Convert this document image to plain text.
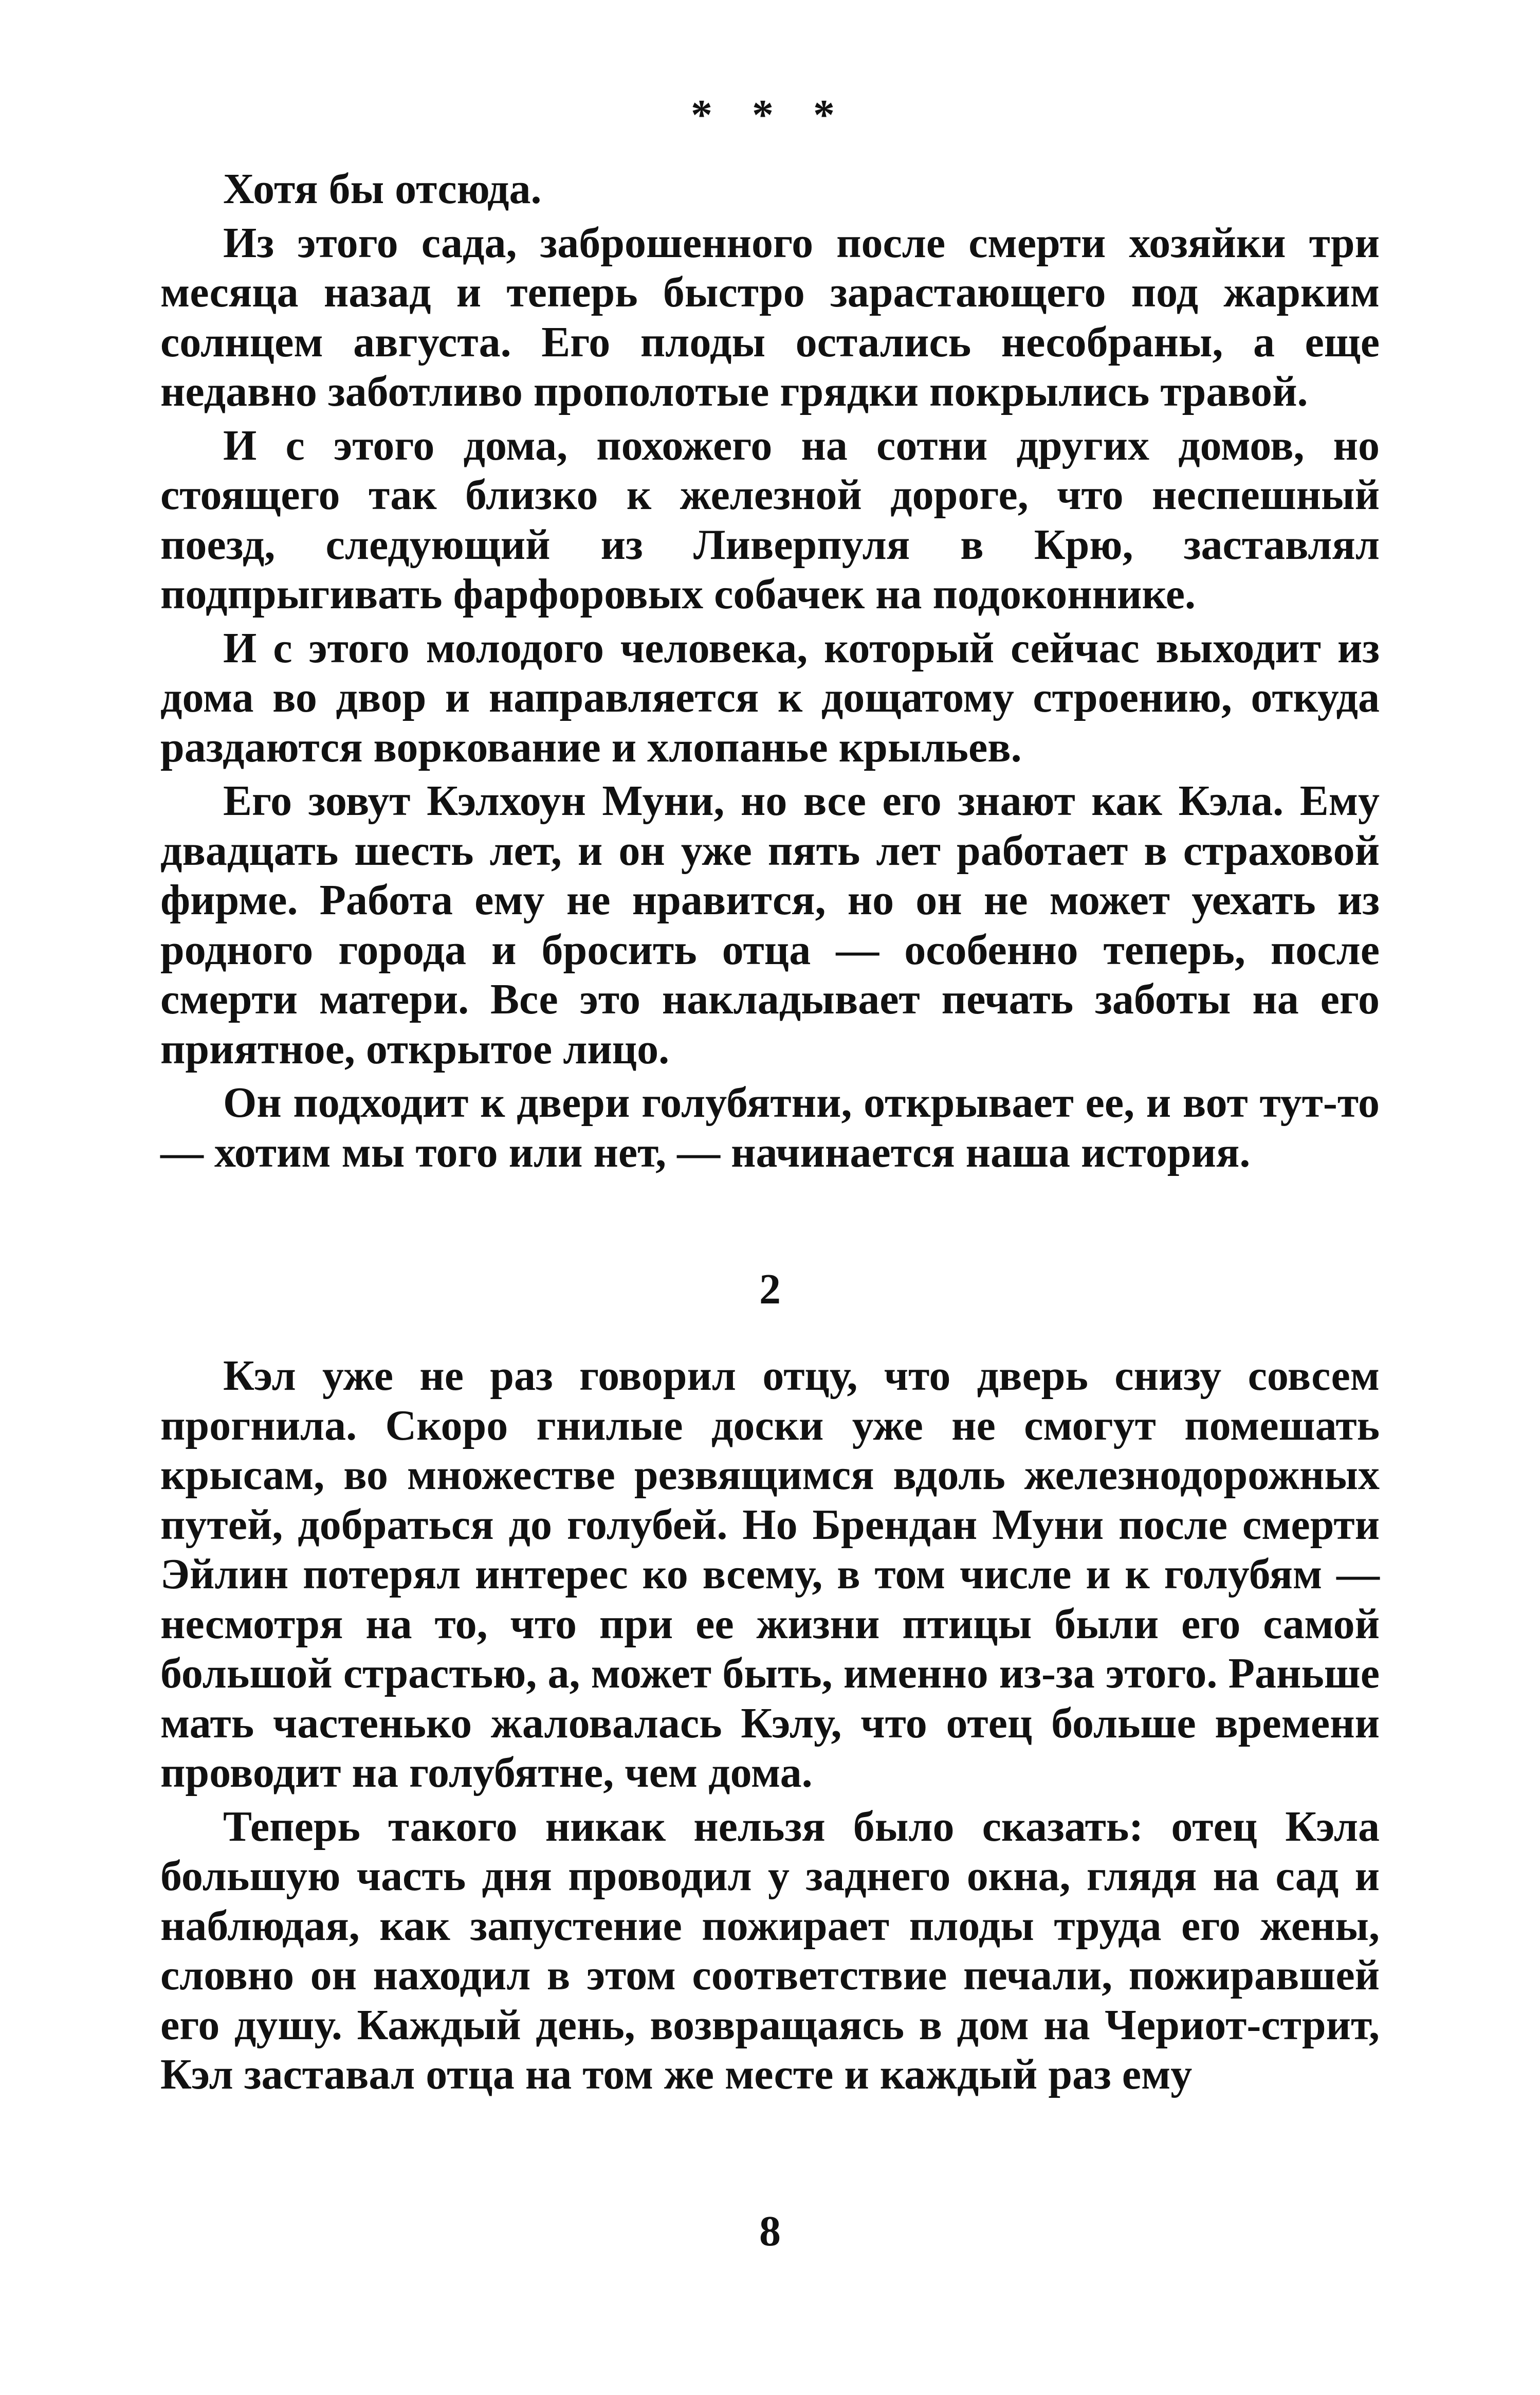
* * *

Хотя бы отсюда.

Из этого сада, заброшенного после смерти хозяйки три месяца назад и теперь быстро зарастающего под жарким солнцем августа. Его плоды остались несобраны, а еще недавно заботливо прополотые грядки покрылись травой.

И с этого дома, похожего на сотни других домов, но стоящего так близко к железной дороге, что неспешный поезд, следующий из Ливерпуля в Крю, заставлял подпрыгивать фарфоровых собачек на подоконнике.

И с этого молодого человека, который сейчас выходит из дома во двор и направляется к дощатому строению, откуда раздаются воркование и хлопанье крыльев.

Его зовут Кэлхоун Муни, но все его знают как Кэла. Ему двадцать шесть лет, и он уже пять лет работает в страховой фирме. Работа ему не нравится, но он не может уехать из родного города и бросить отца — особенно теперь, после смерти матери. Все это накладывает печать заботы на его приятное, открытое лицо.

Он подходит к двери голубятни, открывает ее, и вот тут-то — хотим мы того или нет, — начинается наша история.

2

Кэл уже не раз говорил отцу, что дверь снизу совсем прогнила. Скоро гнилые доски уже не смогут помешать крысам, во множестве резвящимся вдоль железнодорожных путей, добраться до голубей. Но Брендан Муни после смерти Эйлин потерял интерес ко всему, в том числе и к голубям — несмотря на то, что при ее жизни птицы были его самой большой страстью, а, может быть, именно из-за этого. Раньше мать частенько жаловалась Кэлу, что отец больше времени проводит на голубятне, чем дома.

Теперь такого никак нельзя было сказать: отец Кэла большую часть дня проводил у заднего окна, глядя на сад и наблюдая, как запустение пожирает плоды труда его жены, словно он находил в этом соответствие печали, пожиравшей его душу. Каждый день, возвращаясь в дом на Чериот-стрит, Кэл заставал отца на том же месте и каждый раз ему

8
